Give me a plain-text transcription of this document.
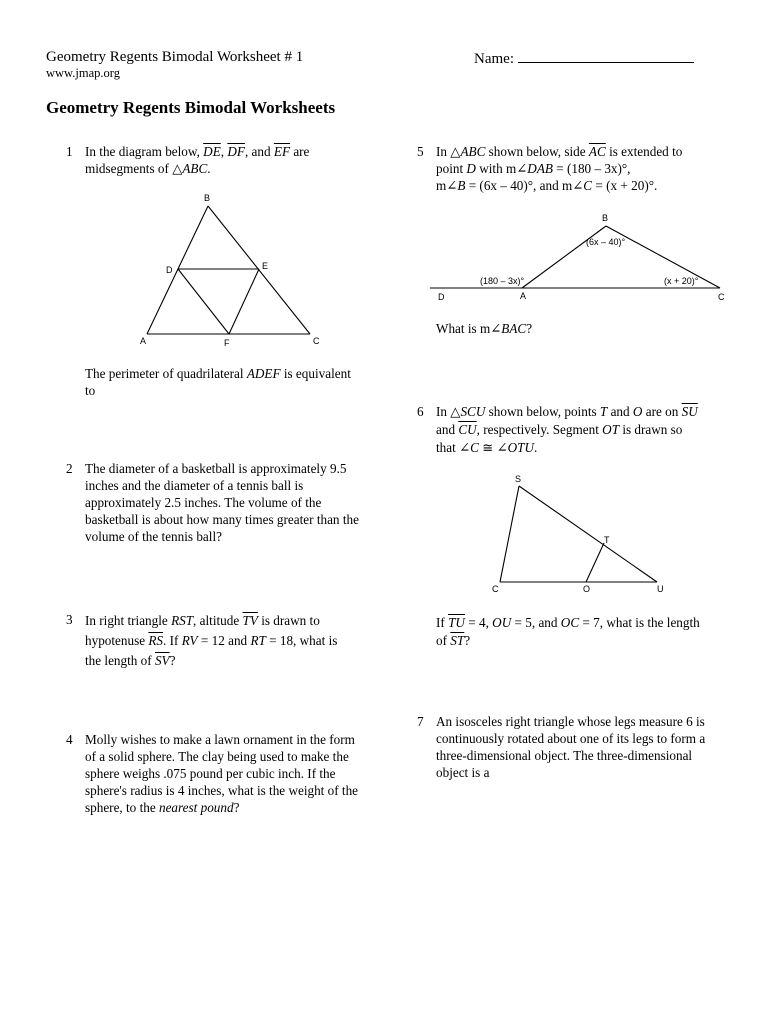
Geometry Regents Bimodal Worksheet # 1
www.jmap.org
Name:
Geometry Regents Bimodal Worksheets
1 In the diagram below, $\overline{DE}$, $\overline{DF}$, and $\overline{EF}$ are
midsegments of △ABC.
B
D	E
A	F	C
The perimeter of quadrilateral ADEF is equivalent
to
2 The diameter of a basketball is approximately 9.5
inches and the diameter of a tennis ball is
approximately 2.5 inches. The volume of the
basketball is about how many times greater than the
volume of the tennis ball?
3 In right triangle RST, altitude $\overline{TV}$ is drawn to
hypotenuse $\overline{RS}$. If RV = 12 and RT = 18, what is
the length of $\overline{SV}$?
4 Molly wishes to make a lawn ornament in the form
of a solid sphere. The clay being used to make the
sphere weighs .075 pound per cubic inch. If the
sphere's radius is 4 inches, what is the weight of the
sphere, to the nearest pound?
5 In △ABC shown below, side $\overline{AC}$ is extended to
point D with m∠DAB = (180 – 3x)°,
m∠B = (6x – 40)°, and m∠C = (x + 20)°.
B
(6x – 40)°
(180 – 3x)°	(x + 20)°
D	A	C
What is m∠BAC?
6 In △SCU shown below, points T and O are on $\overline{SU}$
and $\overline{CU}$, respectively. Segment OT is drawn so
that ∠C ≅ ∠OTU.
S
T
C	O	U
If $\overline{TU} = 4$, OU = 5, and OC = 7, what is the length
of $\overline{ST}$?
7 An isosceles right triangle whose legs measure 6 is
continuously rotated about one of its legs to form a
three-dimensional object. The three-dimensional
object is a
